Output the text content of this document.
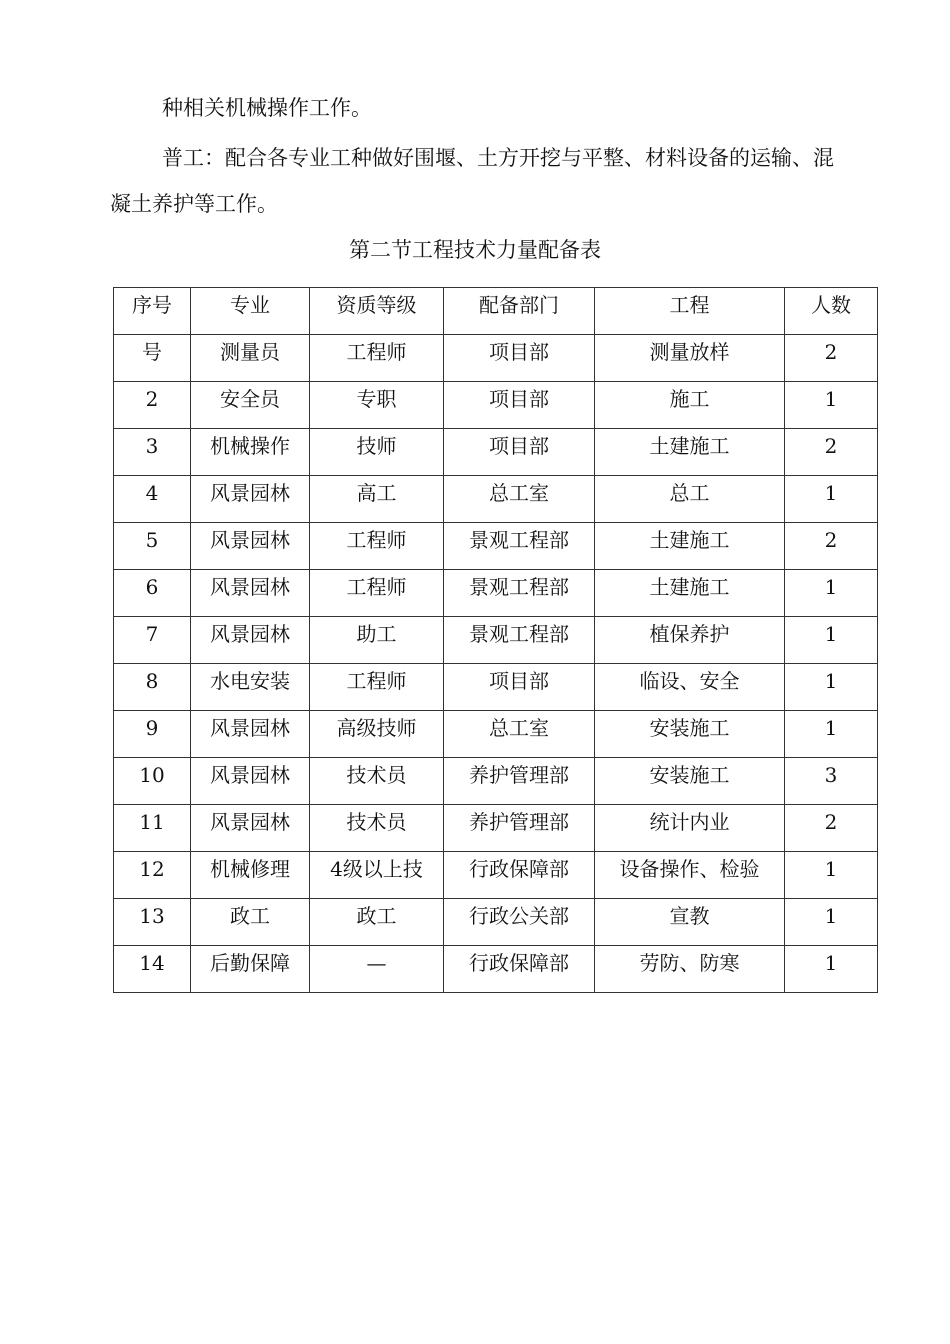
种相关机械操作工作。

普工：配合各专业工种做好围堰、土方开挖与平整、材料设备的运输、混

凝土养护等工作。

第二节工程技术力量配备表

序号	专业	资质等级	配备部门	工程	人数
号	测量员	工程师	项目部	测量放样	2
2	安全员	专职	项目部	施工	1
3	机械操作	技师	项目部	土建施工	2
4	风景园林	高工	总工室	总工	1
5	风景园林	工程师	景观工程部	土建施工	2
6	风景园林	工程师	景观工程部	土建施工	1
7	风景园林	助工	景观工程部	植保养护	1
8	水电安装	工程师	项目部	临设、安全	1
9	风景园林	高级技师	总工室	安装施工	1
10	风景园林	技术员	养护管理部	安装施工	3
11	风景园林	技术员	养护管理部	统计内业	2
12	机械修理	4级以上技	行政保障部	设备操作、检验	1
13	政工	政工	行政公关部	宣教	1
14	后勤保障	—	行政保障部	劳防、防寒	1
